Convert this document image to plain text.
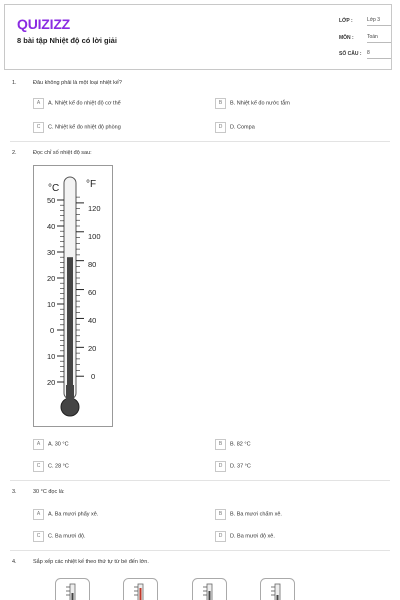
QUIZIZZ
8 bài tập Nhiệt độ có lời giải
LỚP :	Lớp 3
MÔN :	Toán
SỐ CÂU : 8
1.	Đâu không phải là một loại nhiệt kế?
A A. Nhiệt kế đo nhiệt độ cơ thể	B B. Nhiệt kế đo nước tắm
C C. Nhiệt kế đo nhiệt độ phòng	D D. Compa
2.	Đọc chỉ số nhiệt độ sau:
°C	°F
50
40
30
20
10
0
10
20
120
100
80
60
40
20
0
A A. 30 °C	B B. 82 °C
C C. 28 °C	D D. 37 °C
3.	30 °C đọc là:
A A. Ba mươi phẩy xê.	B B. Ba mươi chấm xê.
C C. Ba mươi độ.	D D. Ba mươi độ xê.
4.	Sắp xếp các nhiệt kế theo thứ tự từ bé đến lớn.
